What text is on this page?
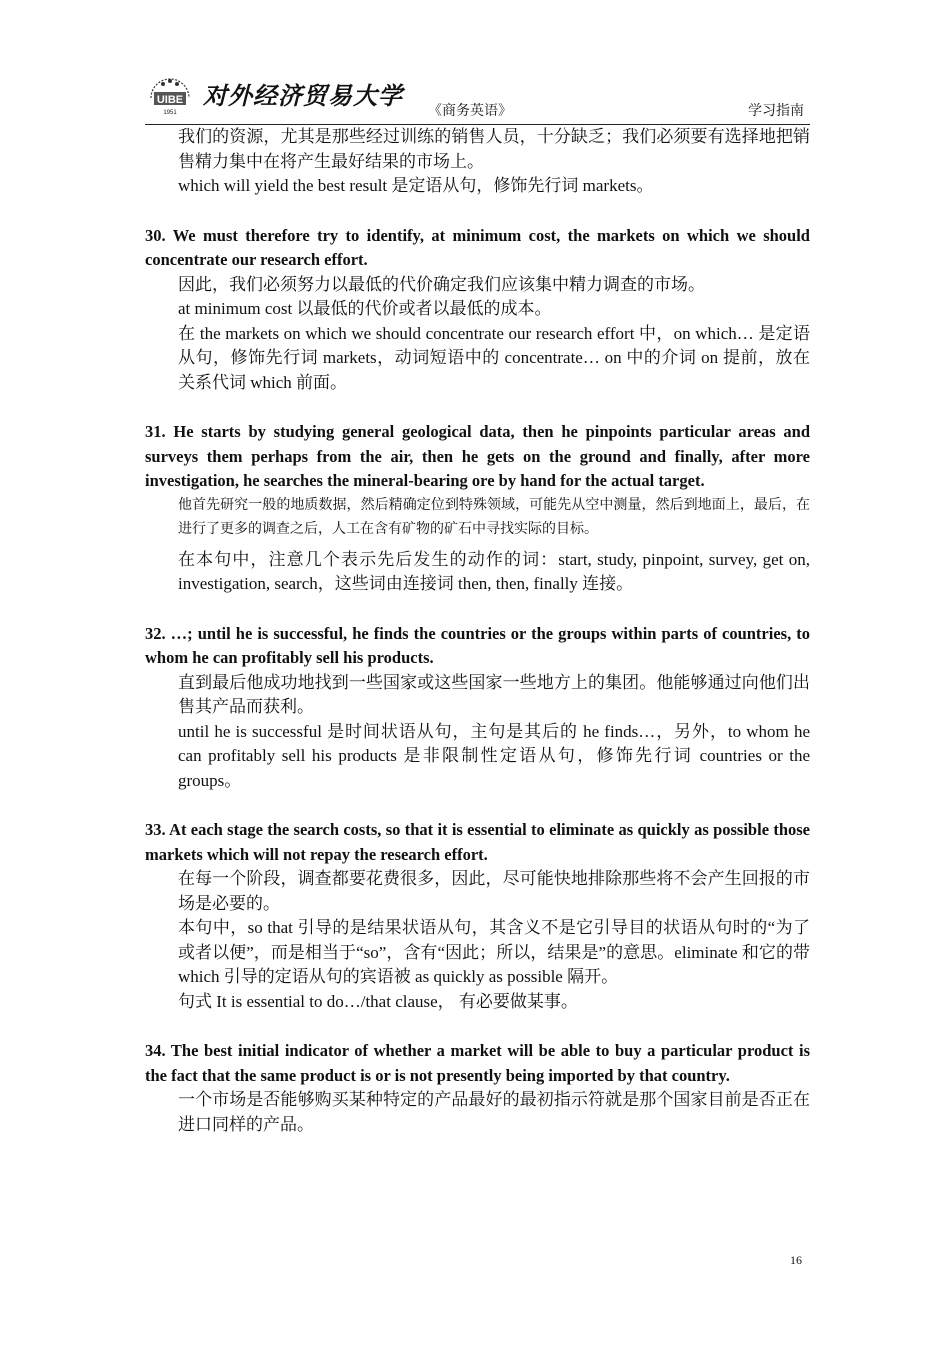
UIBE
1951
对外经济贸易大学
《商务英语》	学习指南

我们的资源，尤其是那些经过训练的销售人员，十分缺乏；我们必须要有选择地把销售精力集中在将产生最好结果的市场上。

which will yield the best result 是定语从句，修饰先行词 markets。

30. We must therefore try to identify, at minimum cost, the markets on which we should concentrate our research effort.

因此，我们必须努力以最低的代价确定我们应该集中精力调查的市场。

at minimum cost 以最低的代价或者以最低的成本。

在 the markets on which we should concentrate our research effort 中，on which… 是定语从句，修饰先行词 markets，动词短语中的 concentrate… on 中的介词 on 提前，放在关系代词 which 前面。

31. He starts by studying general geological data, then he pinpoints particular areas and surveys them perhaps from the air, then he gets on the ground and finally, after more investigation, he searches the mineral-bearing ore by hand for the actual target.

他首先研究一般的地质数据，然后精确定位到特殊领域，可能先从空中测量，然后到地面上，最后，在进行了更多的调查之后，人工在含有矿物的矿石中寻找实际的目标。

在本句中，注意几个表示先后发生的动作的词：start, study, pinpoint, survey, get on, investigation, search，这些词由连接词 then, then, finally 连接。

32. …; until he is successful, he finds the countries or the groups within parts of countries, to whom he can profitably sell his products.

直到最后他成功地找到一些国家或这些国家一些地方上的集团。他能够通过向他们出售其产品而获利。

until he is successful 是时间状语从句，主句是其后的 he finds…，另外，to whom he can profitably sell his products 是非限制性定语从句，修饰先行词 countries or the groups。

33. At each stage the search costs, so that it is essential to eliminate as quickly as possible those markets which will not repay the research effort.

在每一个阶段，调查都要花费很多，因此，尽可能快地排除那些将不会产生回报的市场是必要的。

本句中，so that 引导的是结果状语从句，其含义不是它引导目的状语从句时的“为了或者以便”，而是相当于“so”，含有“因此；所以，结果是”的意思。eliminate 和它的带 which 引导的定语从句的宾语被 as quickly as possible 隔开。

句式 It is essential to do…/that clause， 有必要做某事。

34. The best initial indicator of whether a market will be able to buy a particular product is the fact that the same product is or is not presently being imported by that country.

一个市场是否能够购买某种特定的产品最好的最初指示符就是那个国家目前是否正在进口同样的产品。

16
